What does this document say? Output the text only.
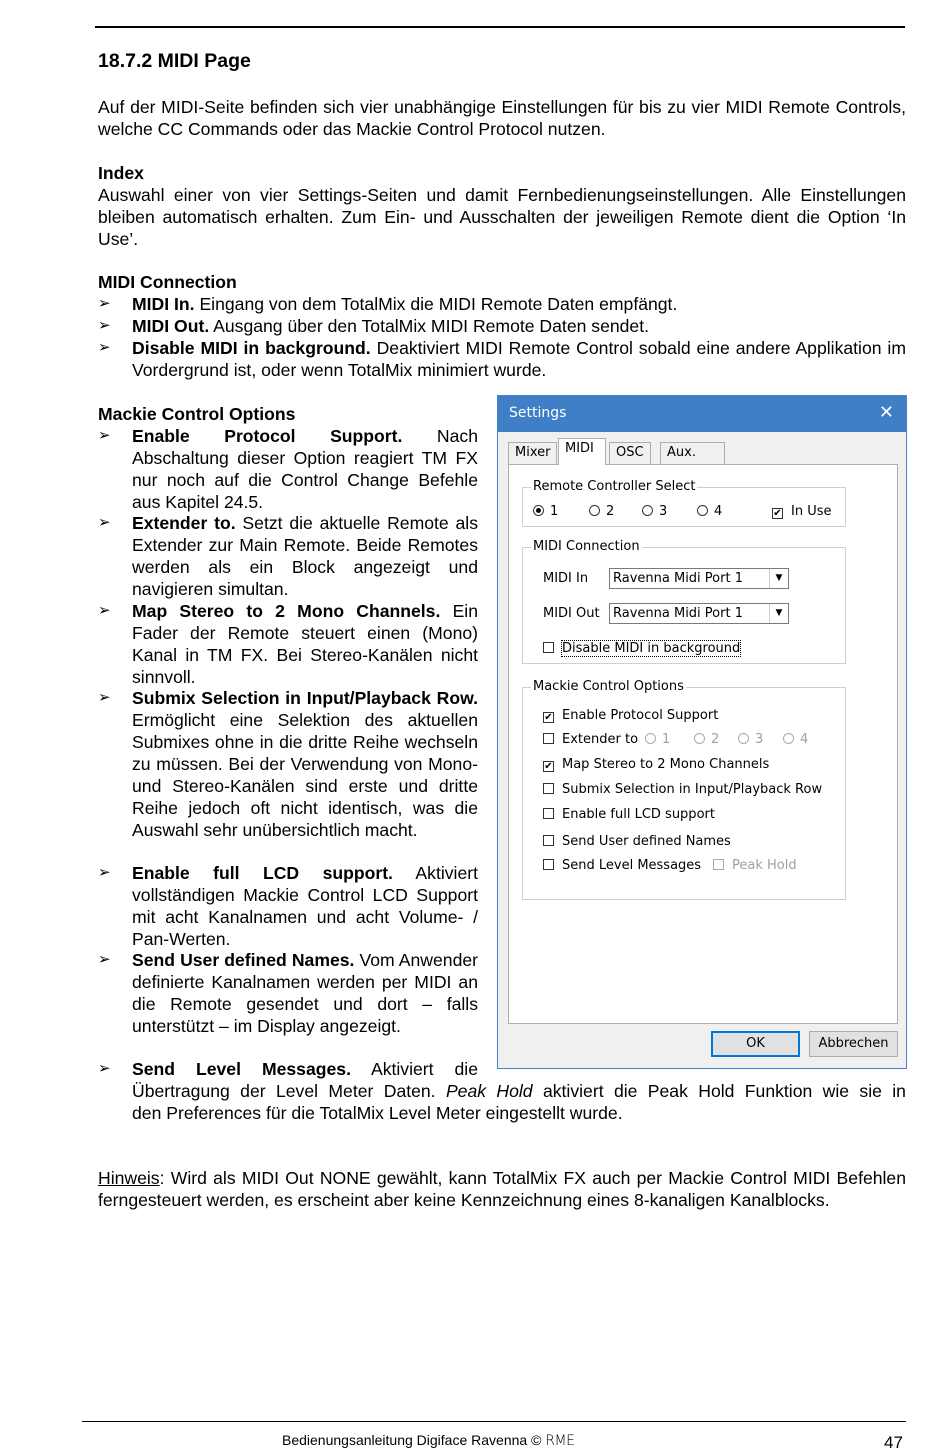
18.7.2 MIDI Page
Auf der MIDI-Seite befinden sich vier unabhängige Einstellungen für bis zu vier MIDI Remote Controls, welche CC Commands oder das Mackie Control Protocol nutzen.
Index
Auswahl einer von vier Settings-Seiten und damit Fernbedienungseinstellungen. Alle Einstellungen bleiben automatisch erhalten. Zum Ein- und Ausschalten der jeweiligen Remote dient die Option ‘In Use’.
MIDI Connection
➢	MIDI In. Eingang von dem TotalMix die MIDI Remote Daten empfängt.
➢	MIDI Out. Ausgang über den TotalMix MIDI Remote Daten sendet.
➢	Disable MIDI in background. Deaktiviert MIDI Remote Control sobald eine andere Applikation im Vordergrund ist, oder wenn TotalMix minimiert wurde.
Mackie Control Options
➢	Enable Protocol Support. Nach Abschaltung dieser Option reagiert TM FX nur noch auf die Control Change Befehle aus Kapitel 24.5.
➢	Extender to. Setzt die aktuelle Remote als Extender zur Main Remote. Beide Remotes werden als ein Block angezeigt und navigieren simultan.
➢	Map Stereo to 2 Mono Channels. Ein Fader der Remote steuert einen (Mono) Kanal in TM FX. Bei Stereo-Kanälen nicht sinnvoll.
➢	Submix Selection in Input/Playback Row. Ermöglicht eine Selektion des aktuellen Submixes ohne in die dritte Reihe wechseln zu müssen. Bei der Verwendung von Mono- und Stereo-Kanälen sind erste und dritte Reihe jedoch oft nicht identisch, was die Auswahl sehr unübersichtlich macht.
➢	Enable full LCD support. Aktiviert vollständigen Mackie Control LCD Support mit acht Kanalnamen und acht Volume- / Pan-Werten.
➢	Send User defined Names. Vom Anwender definierte Kanalnamen werden per MIDI an die Remote gesendet und dort – falls unterstützt – im Display angezeigt.
➢	Send Level Messages. Aktiviert die
Übertragung der Level Meter Daten. Peak Hold aktiviert die Peak Hold Funktion wie sie in
den Preferences für die TotalMix Level Meter eingestellt wurde.
Hinweis: Wird als MIDI Out NONE gewählt, kann TotalMix FX auch per Mackie Control MIDI Befehlen ferngesteuert werden, es erscheint aber keine Kennzeichnung eines 8-kanaligen Kanalblocks.
Settings	✕
Mixer	MIDI	OSC	Aux.
Remote Controller Select
1	2	3	4	✔ In Use
MIDI Connection
MIDI In	Ravenna Midi Port 1	▼
MIDI Out	Ravenna Midi Port 1	▼
Disable MIDI in background
Mackie Control Options
✔ Enable Protocol Support
Extender to	1	2	3	4
✔ Map Stereo to 2 Mono Channels
Submix Selection in Input/Playback Row
Enable full LCD support
Send User defined Names
Send Level Messages	Peak Hold
OK	Abbrechen
Bedienungsanleitung Digiface Ravenna © RME	47
